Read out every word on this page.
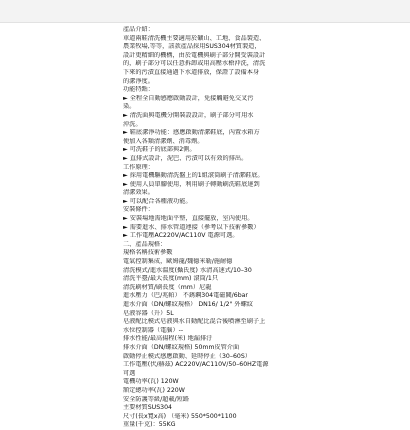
產品介紹：
車道兩鞋清洗機主要適用於礦山、工地、食品製造、
農業牧場,等等，該款產品採用SUS304材質製造，
設計更精細的機構，由於電機與刷子部分開受裝設計
的，刷子部分可以任意拆卸或用高壓水槍沖洗，清洗
下來的污漬直接通過下水道排放，保證了設備本身
的潔淨度。
功能特點：
► 全程全自動感應啟動設計，免接觸避免交叉污
染。
► 清洗面與電機分開裝設設計，刷子部分可用水
沖洗。
► 鞋底潔淨功能：感應啟動清潔鞋底，內置水箱方
便加入各類清潔劑、消毒劑。
► 可洗鞋子的底部與2側。
► 直排式設計，泥巴、污漬可以有效的排出。
工作原理：
► 採用電機驅動清洗盤上的1組滾筒刷子清潔鞋底。
► 使用人員單腳使用，利用刷子轉動刷洗鞋底達到
清潔效果。
► 可以配合各種液功能。
安裝條件：
► 安裝場地需地面平整，直接擺放，室內使用。
► 需要進水、排水管道連接（參考以下技術參數）
► 工作電壓AC220V/AC110V 電源可選。
二、產品規格：
規格名稱技術參數
電氣控制集成，歐姆龍/魏德米勒/施耐德
清洗模式/進水溫度(攝氏度) 水清高速式/10–30
清洗平臺/最大長度(mm) 滾筒/1只
清洗刷材質/刷長度（mm）尼龍
進水壓力（巴/兆帕） 不銹鋼304電磁閥/6bar
進水介面（DN/螺紋規格） DN16/ 1/2" 外螺紋
皂液容器（升）5L
皂液配比模式皂液與水自動配比混合後噴淋至刷子上
水位控制器（電腦）--
排水性能/最高揚程(米) 地漏排汙
排水介面（DN/螺紋規格) 50mm皮管介面
啟動停止模式感應啟動、延時停止（30–60S）
工作電壓(伏/赫茲) AC220V/AC110V/50–60HZ電源
可選
電機功率(瓦) 120W
額定總功率(瓦) 220W
安全防護等級/超載/短路
主要材質SUS304
尺寸(長x寬x高) （毫米) 550*500*1100
重量(千克)：55KG
